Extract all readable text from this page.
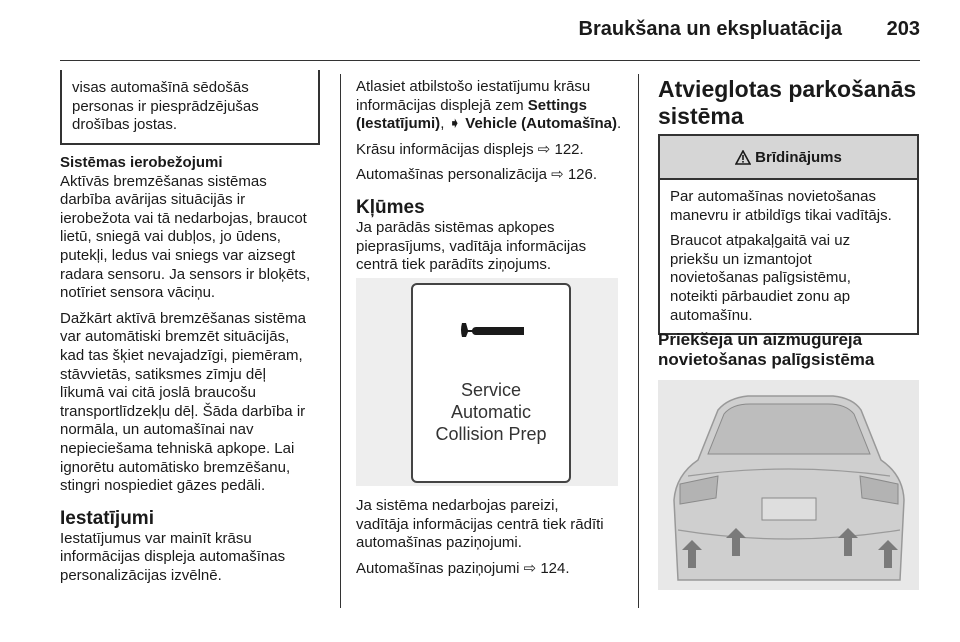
Braukšana un ekspluatācija 203

visas automašīnā sēdošās

personas ir piesprādzējušas

drošības jostas.

Sistēmas ierobežojumi

Aktīvās bremzēšanas sistēmas

darbība avārijas situācijās ir

ierobežota vai tā nedarbojas, braucot

lietū, sniegā vai dubļos, jo ūdens,

putekļi, ledus vai sniegs var aizsegt

radara sensoru. Ja sensors ir bloķēts,

notīriet sensora vāciņu.

Dažkārt aktīvā bremzēšanas sistēma

var automātiski bremzēt situācijās,

kad tas šķiet nevajadzīgi, piemēram,

stāvvietās, satiksmes zīmju dēļ

līkumā vai citā joslā braucošu

transportlīdzekļu dēļ. Šāda darbība ir

normāla, un automašīnai nav

nepieciešama tehniskā apkope. Lai

ignorētu automātisko bremzēšanu,

stingri nospiediet gāzes pedāli.

Iestatījumi

Iestatījumus var mainīt krāsu

informācijas displeja automašīnas

personalizācijas izvēlnē.

Atlasiet atbilstošo iestatījumu krāsu

informācijas displejā zem Settings

(Iestatījumi), ➧ Vehicle (Automašīna).

Krāsu informācijas displejs ⇨ 122.

Automašīnas personalizācija ⇨ 126.

Kļūmes

Ja parādās sistēmas apkopes

pieprasījums, vadītāja informācijas

centrā tiek parādīts ziņojums.

Service
Automatic
Collision Prep

Ja sistēma nedarbojas pareizi,

vadītāja informācijas centrā tiek rādīti

automašīnas paziņojumi.

Automašīnas paziņojumi ⇨ 124.

Atvieglotas parkošanās

sistēma

Brīdinājums

Par automašīnas novietošanas
manevru ir atbildīgs tikai vadītājs.

Braucot atpakaļgaitā vai uz
priekšu un izmantojot
novietošanas palīgsistēmu,
noteikti pārbaudiet zonu ap
automašīnu.

Priekšējā un aizmugurējā

novietošanas palīgsistēma
